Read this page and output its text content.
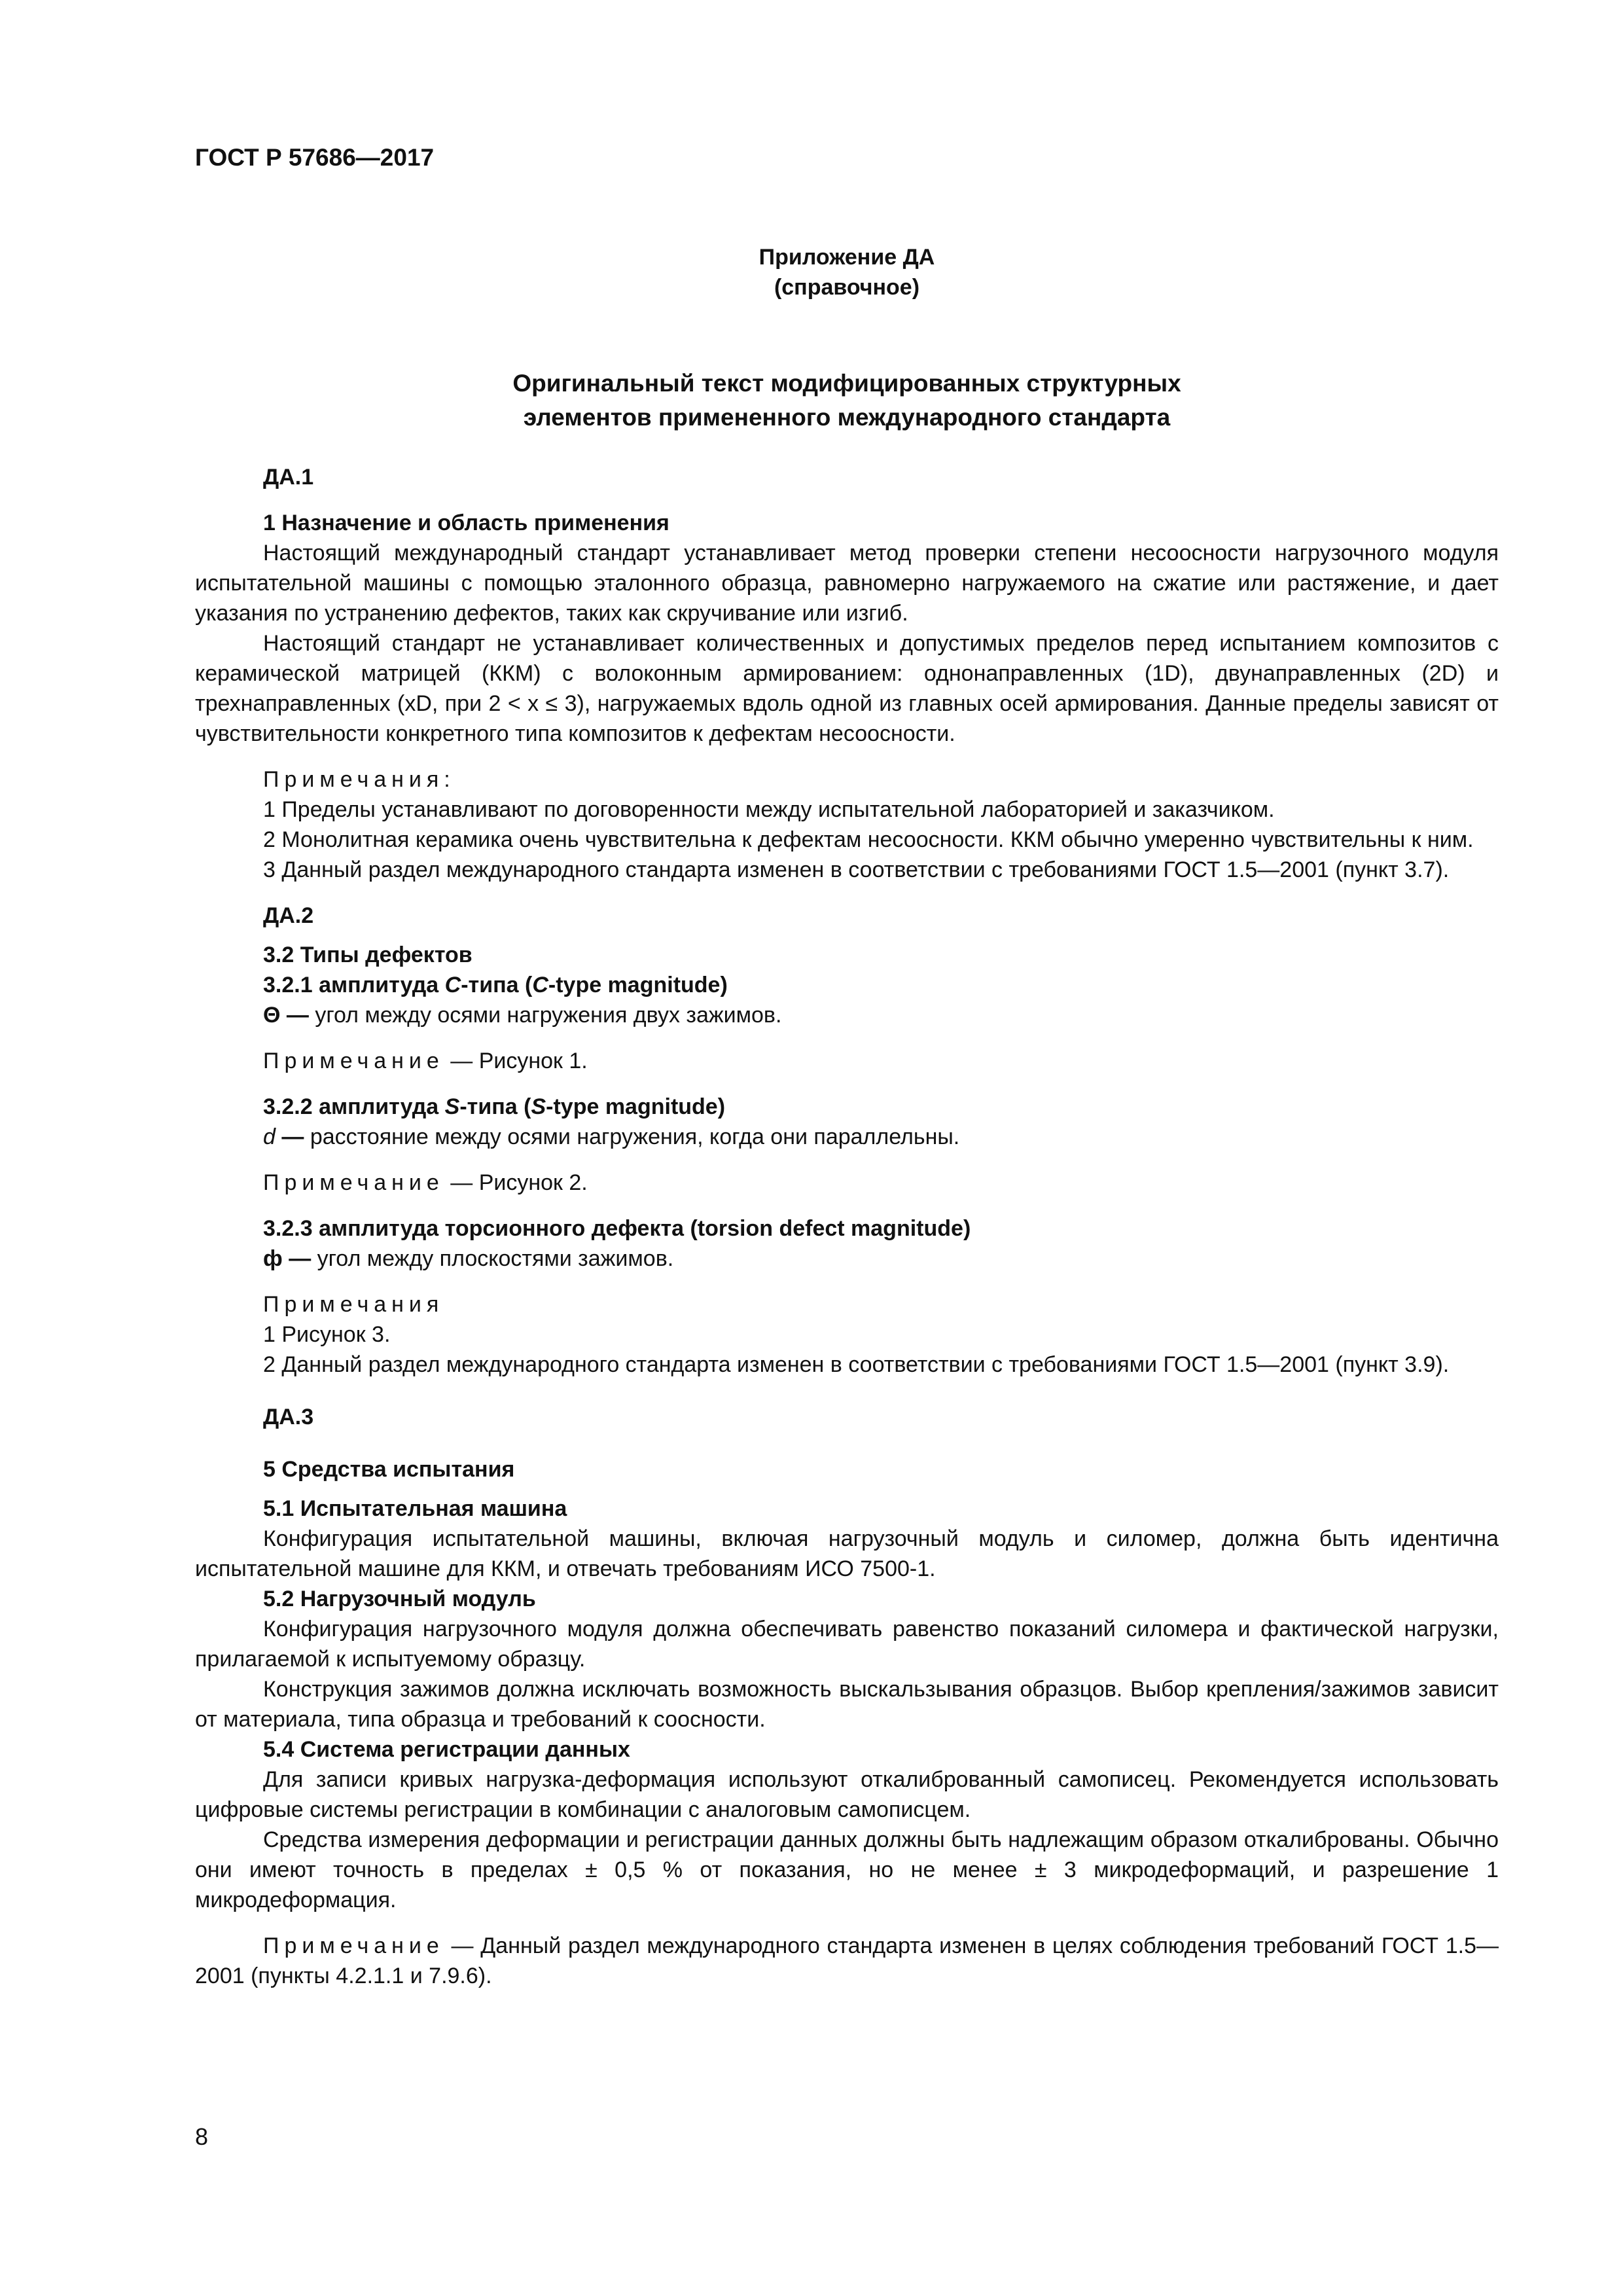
ГОСТ Р 57686—2017
Приложение ДА
(справочное)
Оригинальный текст модифицированных структурных
элементов примененного международного стандарта
ДА.1

1 Назначение и область применения

Настоящий международный стандарт устанавливает метод проверки степени несоосности нагрузочного модуля испытательной машины с помощью эталонного образца, равномерно нагружаемого на сжатие или растяжение, и дает указания по устранению дефектов, таких как скручивание или изгиб.

Настоящий стандарт не устанавливает количественных и допустимых пределов перед испытанием композитов с керамической матрицей (ККМ) с волоконным армированием: однонаправленных (1D), двунаправленных (2D) и трехнаправленных (xD, при 2 < x ≤ 3), нагружаемых вдоль одной из главных осей армирования. Данные пределы зависят от чувствительности конкретного типа композитов к дефектам несоосности.

Примечания:

1 Пределы устанавливают по договоренности между испытательной лабораторией и заказчиком.

2 Монолитная керамика очень чувствительна к дефектам несоосности. ККМ обычно умеренно чувствительны к ним.

3 Данный раздел международного стандарта изменен в соответствии с требованиями ГОСТ 1.5—2001 (пункт 3.7).

ДА.2

3.2 Типы дефектов

3.2.1 амплитуда C-типа (C-type magnitude)

Θ — угол между осями нагружения двух зажимов.

Примечание — Рисунок 1.

3.2.2 амплитуда S-типа (S-type magnitude)

d — расстояние между осями нагружения, когда они параллельны.

Примечание — Рисунок 2.

3.2.3 амплитуда торсионного дефекта (torsion defect magnitude)

ф — угол между плоскостями зажимов.

Примечания

1 Рисунок 3.

2 Данный раздел международного стандарта изменен в соответствии с требованиями ГОСТ 1.5—2001 (пункт 3.9).

ДА.3

5 Средства испытания

5.1 Испытательная машина

Конфигурация испытательной машины, включая нагрузочный модуль и силомер, должна быть идентична испытательной машине для ККМ, и отвечать требованиям ИСО 7500-1.

5.2 Нагрузочный модуль

Конфигурация нагрузочного модуля должна обеспечивать равенство показаний силомера и фактической нагрузки, прилагаемой к испытуемому образцу.

Конструкция зажимов должна исключать возможность выскальзывания образцов. Выбор крепления/зажимов зависит от материала, типа образца и требований к соосности.

5.4 Система регистрации данных

Для записи кривых нагрузка-деформация используют откалиброванный самописец. Рекомендуется использовать цифровые системы регистрации в комбинации с аналоговым самописцем.

Средства измерения деформации и регистрации данных должны быть надлежащим образом откалиброваны. Обычно они имеют точность в пределах ± 0,5 % от показания, но не менее ± 3 микродеформаций, и разрешение 1 микродеформация.

Примечание — Данный раздел международного стандарта изменен в целях соблюдения требований ГОСТ 1.5—2001 (пункты 4.2.1.1 и 7.9.6).

8
